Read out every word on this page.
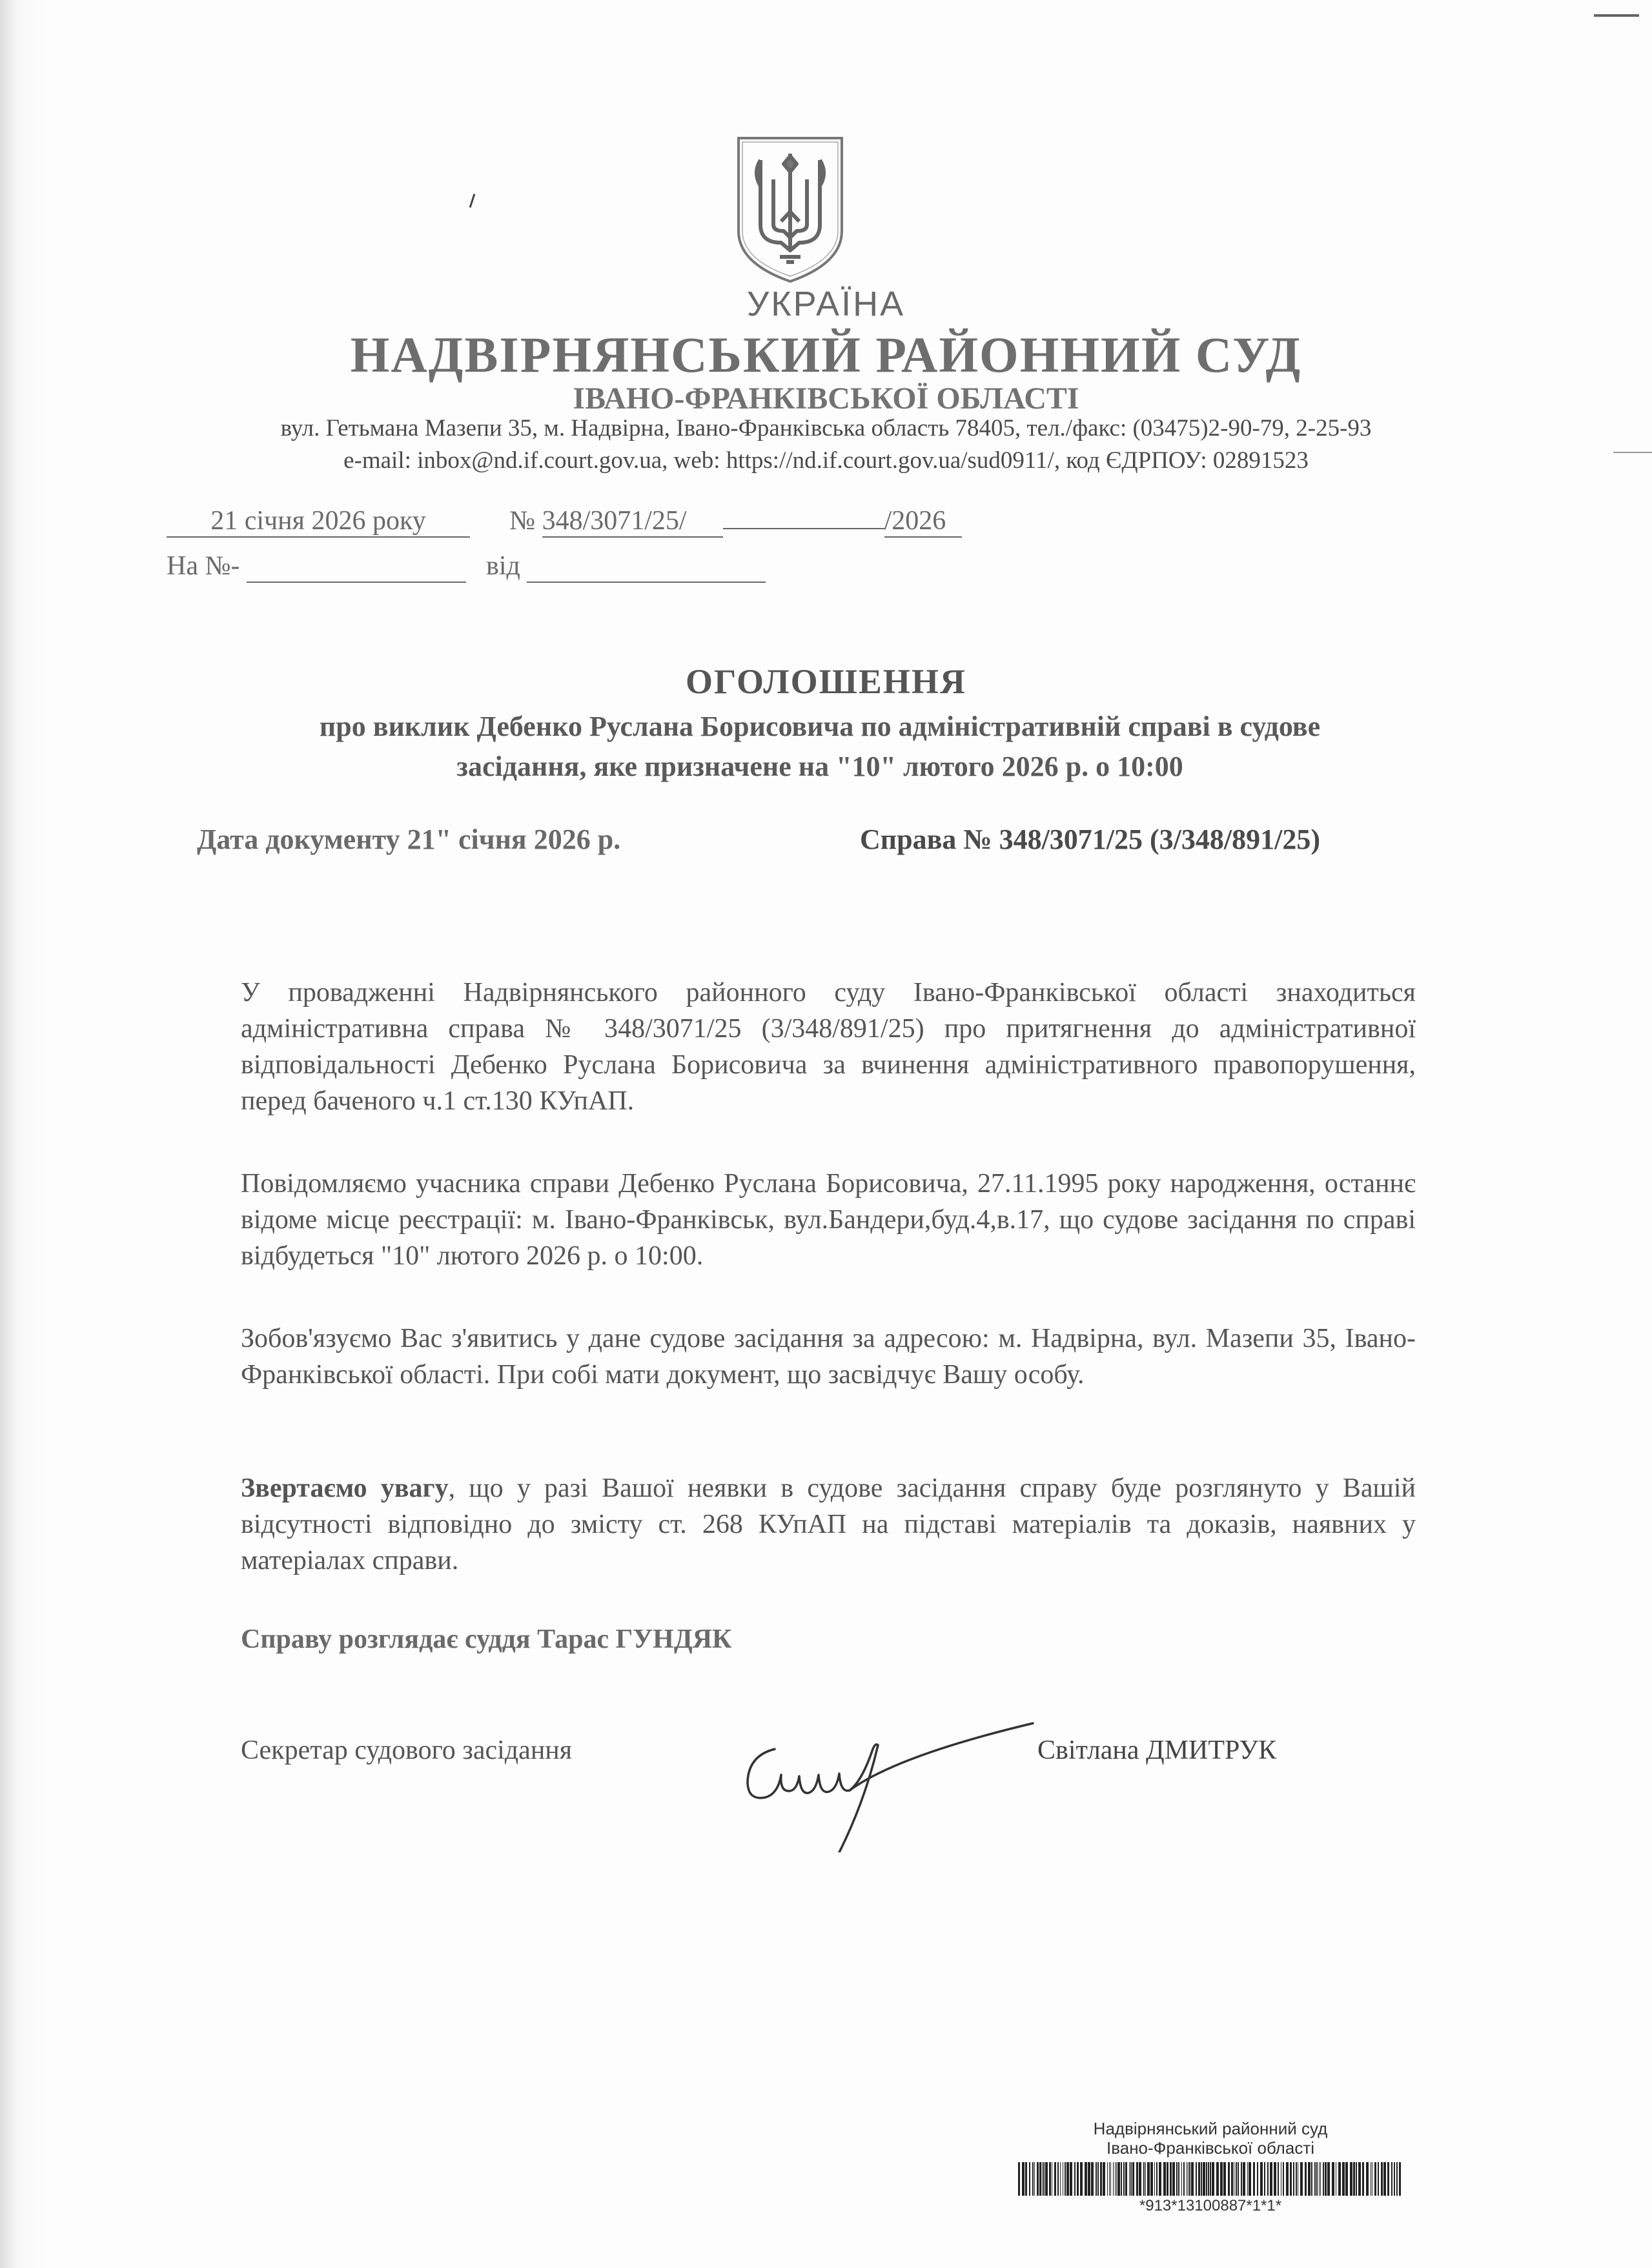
УКРАЇНА
НАДВІРНЯНСЬКИЙ РАЙОННИЙ СУД
ІВАНО-ФРАНКІВСЬКОЇ ОБЛАСТІ
вул. Гетьмана Мазепи 35, м. Надвірна, Івано-Франківська область 78405, тел./факс: (03475)2-90-79, 2-25-93
e-mail: inbox@nd.if.court.gov.ua, web: https://nd.if.court.gov.ua/sud0911/, код ЄДРПОУ: 02891523
21 січня 2026 року	№ 348/3071/25/	/2026
На №-	від
ОГОЛОШЕННЯ
про виклик Дебенко Руслана Борисовича по адміністративній справі в судове
засідання, яке призначене на "10" лютого 2026 р. о 10:00
Дата документу 21" січня 2026 р.	Справа № 348/3071/25 (3/348/891/25)
У провадженні Надвірнянського районного суду Івано-Франківської області знаходиться адміністративна справа № 348/3071/25 (3/348/891/25) про притягнення до адміністративної відповідальності Дебенко Руслана Борисовича за вчинення адміністративного правопорушення, перед баченого ч.1 ст.130 КУпАП.
Повідомляємо учасника справи Дебенко Руслана Борисовича, 27.11.1995 року народження, останнє відоме місце реєстрації: м. Івано-Франківськ, вул.Бандери,буд.4,в.17, що судове засідання по справі відбудеться "10" лютого 2026 р. о 10:00.
Зобов'язуємо Вас з'явитись у дане судове засідання за адресою: м. Надвірна, вул. Мазепи 35, Івано-Франківської області. При собі мати документ, що засвідчує Вашу особу.
Звертаємо увагу, що у разі Вашої неявки в судове засідання справу буде розглянуто у Вашій відсутності відповідно до змісту ст. 268 КУпАП на підставі матеріалів та доказів, наявних у матеріалах справи.
Справу розглядає суддя Тарас ГУНДЯК
Секретар судового засідання	Світлана ДМИТРУК
Надвірнянський районний суд
Івано-Франківської області
*913*13100887*1*1*
